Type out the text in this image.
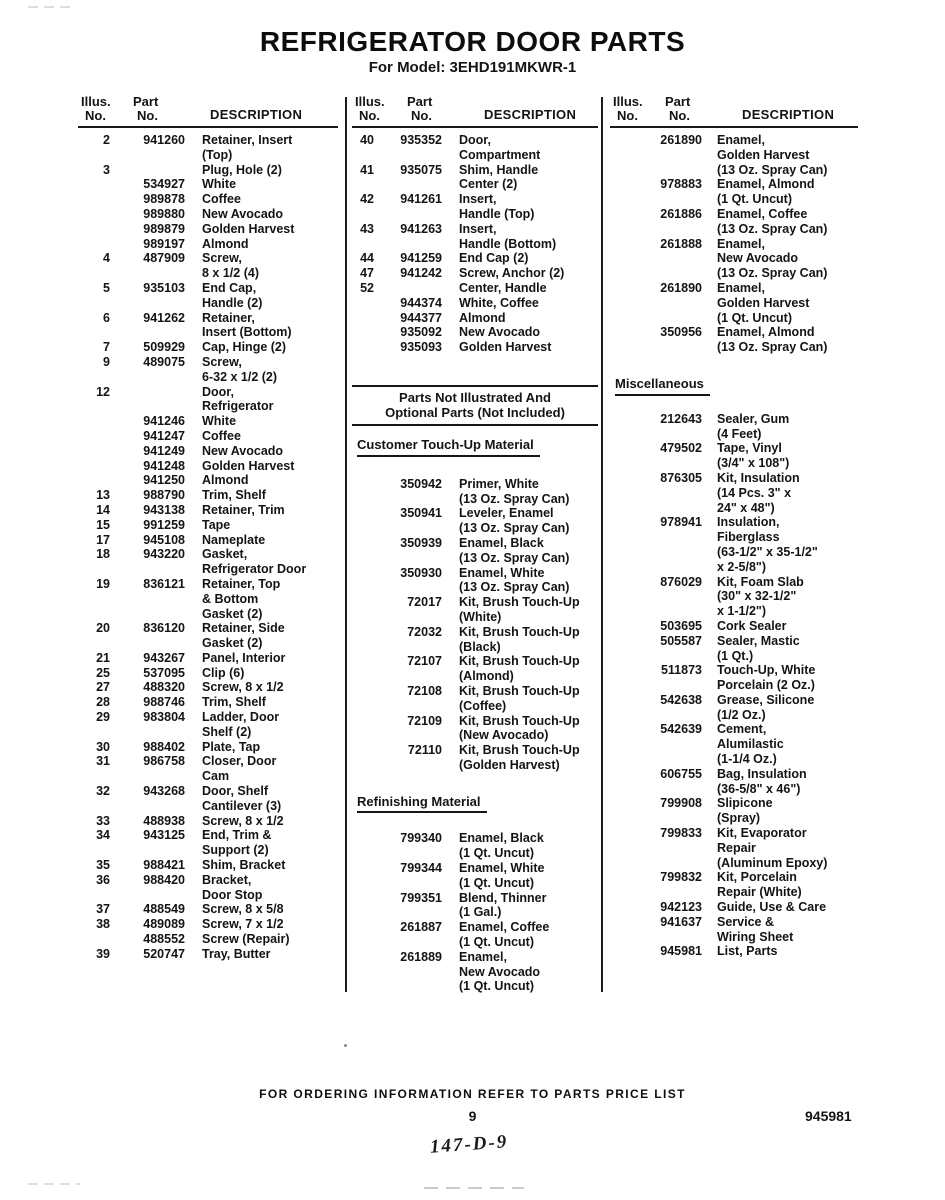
REFRIGERATOR DOOR PARTS
For Model: 3EHD191MKWR-1
Illus. Part
No. No.	DESCRIPTION
2	941260 Retainer, Insert
(Top)
3	Plug, Hole (2)
534927 White
989878 Coffee
989880 New Avocado
989879 Golden Harvest
989197 Almond
4	487909 Screw,
8 x 1/2 (4)
5	935103 End Cap,
Handle (2)
6	941262 Retainer,
Insert (Bottom)
7	509929 Cap, Hinge (2)
9	489075 Screw,
6-32 x 1/2 (2)
12	Door,
Refrigerator
941246 White
941247 Coffee
941249 New Avocado
941248 Golden Harvest
941250 Almond
13	988790 Trim, Shelf
14	943138 Retainer, Trim
15	991259 Tape
17	945108 Nameplate
18	943220 Gasket,
Refrigerator Door
19	836121 Retainer, Top
& Bottom
Gasket (2)
20	836120 Retainer, Side
Gasket (2)
21	943267 Panel, Interior
25	537095 Clip (6)
27	488320 Screw, 8 x 1/2
28	988746 Trim, Shelf
29	983804 Ladder, Door
Shelf (2)
30	988402 Plate, Tap
31	986758 Closer, Door
Cam
32	943268 Door, Shelf
Cantilever (3)
33	488938 Screw, 8 x 1/2
34	943125 End, Trim &
Support (2)
35	988421 Shim, Bracket
36	988420 Bracket,
Door Stop
37	488549 Screw, 8 x 5/8
38	489089 Screw, 7 x 1/2
488552 Screw (Repair)
39	520747 Tray, Butter
Illus. Part
No. No.	DESCRIPTION
40	935352 Door,
Compartment
41	935075 Shim, Handle
Center (2)
42	941261 Insert,
Handle (Top)
43	941263 Insert,
Handle (Bottom)
44	941259 End Cap (2)
47	941242 Screw, Anchor (2)
52	Center, Handle
944374 White, Coffee
944377 Almond
935092 New Avocado
935093 Golden Harvest
Parts Not Illustrated And
Optional Parts (Not Included)
Customer Touch-Up Material
350942 Primer, White
(13 Oz. Spray Can)
350941 Leveler, Enamel
(13 Oz. Spray Can)
350939 Enamel, Black
(13 Oz. Spray Can)
350930 Enamel, White
(13 Oz. Spray Can)
72017 Kit, Brush Touch-Up
(White)
72032 Kit, Brush Touch-Up
(Black)
72107 Kit, Brush Touch-Up
(Almond)
72108 Kit, Brush Touch-Up
(Coffee)
72109 Kit, Brush Touch-Up
(New Avocado)
72110 Kit, Brush Touch-Up
(Golden Harvest)
Refinishing Material
799340 Enamel, Black
(1 Qt. Uncut)
799344 Enamel, White
(1 Qt. Uncut)
799351 Blend, Thinner
(1 Gal.)
261887 Enamel, Coffee
(1 Qt. Uncut)
261889 Enamel,
New Avocado
(1 Qt. Uncut)
Illus. Part
No. No.	DESCRIPTION
261890 Enamel,
Golden Harvest
(13 Oz. Spray Can)
978883 Enamel, Almond
(1 Qt. Uncut)
261886 Enamel, Coffee
(13 Oz. Spray Can)
261888 Enamel,
New Avocado
(13 Oz. Spray Can)
261890 Enamel,
Golden Harvest
(1 Qt. Uncut)
350956 Enamel, Almond
(13 Oz. Spray Can)
Miscellaneous
212643 Sealer, Gum
(4 Feet)
479502 Tape, Vinyl
(3/4" x 108")
876305 Kit, Insulation
(14 Pcs. 3" x
24" x 48")
978941 Insulation,
Fiberglass
(63-1/2" x 35-1/2"
x 2-5/8")
876029 Kit, Foam Slab
(30" x 32-1/2"
x 1-1/2")
503695 Cork Sealer
505587 Sealer, Mastic
(1 Qt.)
511873 Touch-Up, White
Porcelain (2 Oz.)
542638 Grease, Silicone
(1/2 Oz.)
542639 Cement,
Alumilastic
(1-1/4 Oz.)
606755 Bag, Insulation
(36-5/8" x 46")
799908 Slipicone
(Spray)
799833 Kit, Evaporator
Repair
(Aluminum Epoxy)
799832 Kit, Porcelain
Repair (White)
942123 Guide, Use & Care
941637 Service &
Wiring Sheet
945981 List, Parts
FOR ORDERING INFORMATION REFER TO PARTS PRICE LIST
9	945981
147-D-9
